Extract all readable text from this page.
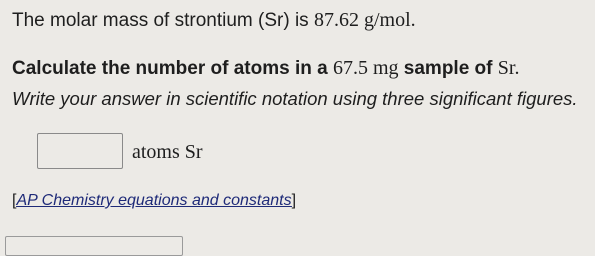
The molar mass of strontium (Sr) is 87.62 g/mol.
Calculate the number of atoms in a 67.5 mg sample of Sr.
Write your answer in scientific notation using three significant figures.
atoms Sr
[AP Chemistry equations and constants]
